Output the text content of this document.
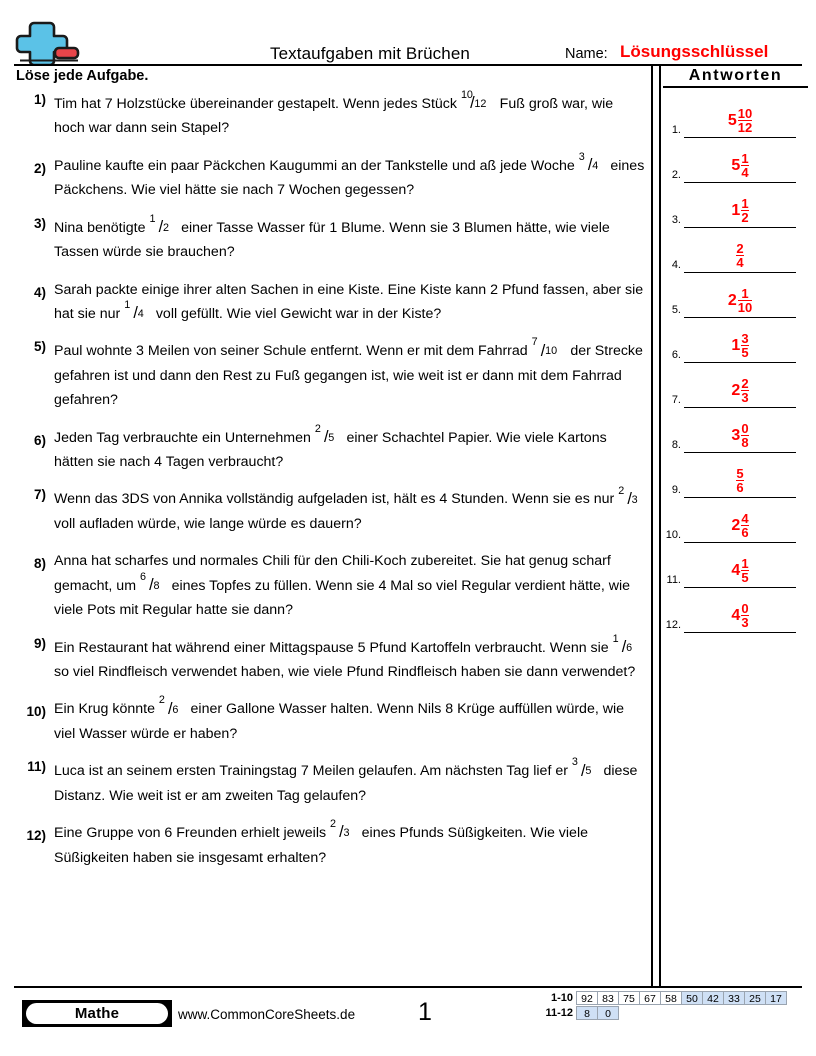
Textaufgaben mit Brüchen	Name: Lösungsschlüssel
Löse jede Aufgabe.	Antworten
1) Tim hat 7 Holzstücke übereinander gestapelt. Wenn jedes Stück
10
/ 12 Fuß groß war, wie hoch war dann sein Stapel?
2) Pauline kaufte ein paar Päckchen Kaugummi an der Tankstelle und aß jede Woche
3 / 4 eines Päckchens. Wie viel hätte sie nach 7 Wochen gegessen?
3) Nina benötigte
1 / 2 einer Tasse Wasser für 1 Blume. Wenn sie 3 Blumen hätte, wie viele Tassen würde sie brauchen?
4) Sarah packte einige ihrer alten Sachen in eine Kiste. Eine Kiste kann 2 Pfund fassen, aber sie hat sie nur
1 / 4 voll gefüllt. Wie viel Gewicht war in der Kiste?
5) Paul wohnte 3 Meilen von seiner Schule entfernt. Wenn er mit dem Fahrrad
7 / 10 der Strecke gefahren ist und dann den Rest zu Fuß gegangen ist, wie weit ist er dann mit dem Fahrrad gefahren?
6) Jeden Tag verbrauchte ein Unternehmen
2 / 5 einer Schachtel Papier. Wie viele Kartons hätten sie nach 4 Tagen verbraucht?
7) Wenn das 3DS von Annika vollständig aufgeladen ist, hält es 4 Stunden. Wenn sie es nur
2 / 3
voll aufladen würde, wie lange würde es dauern?
8) Anna hat scharfes und normales Chili für den Chili-Koch zubereitet. Sie hat genug scharf gemacht, um
6 / 8 eines Topfes zu füllen. Wenn sie 4 Mal so viel Regular verdient hätte, wie viele Pots mit Regular hatte sie dann?
9) Ein Restaurant hat während einer Mittagspause 5 Pfund Kartoffeln verbraucht. Wenn sie
1 / 6
so viel Rindfleisch verwendet haben, wie viele Pfund Rindfleisch haben sie dann verwendet?
10) Ein Krug könnte
2 / 6 einer Gallone Wasser halten. Wenn Nils 8 Krüge auffüllen würde, wie viel Wasser würde er haben?
11) Luca ist an seinem ersten Trainingstag 7 Meilen gelaufen. Am nächsten Tag lief er
3 / 5 diese Distanz. Wie weit ist er am zweiten Tag gelaufen?
12) Eine Gruppe von 6 Freunden erhielt jeweils
2 / 3 eines Pfunds Süßigkeiten. Wie viele Süßigkeiten haben sie insgesamt erhalten?
1.
$5 \frac{10}{12}$
2.
$5 \frac{1}{4}$
3.
$1 \frac{1}{2}$
4.	$\frac{2}{4}$
5.
$2 \frac{1}{10}$
6.
$1 \frac{3}{5}$
7.
$2 \frac{2}{3}$
8.
$3 \frac{0}{8}$
9.	$\frac{5}{6}$
10.
$2 \frac{4}{6}$
11.
$4 \frac{1}{5}$
12.
$4 \frac{0}{3}$
Mathe	www.CommonCoreSheets.de	1	1-10 92 83 75 67 58 50 42 33 25 17
11-12	8	0
